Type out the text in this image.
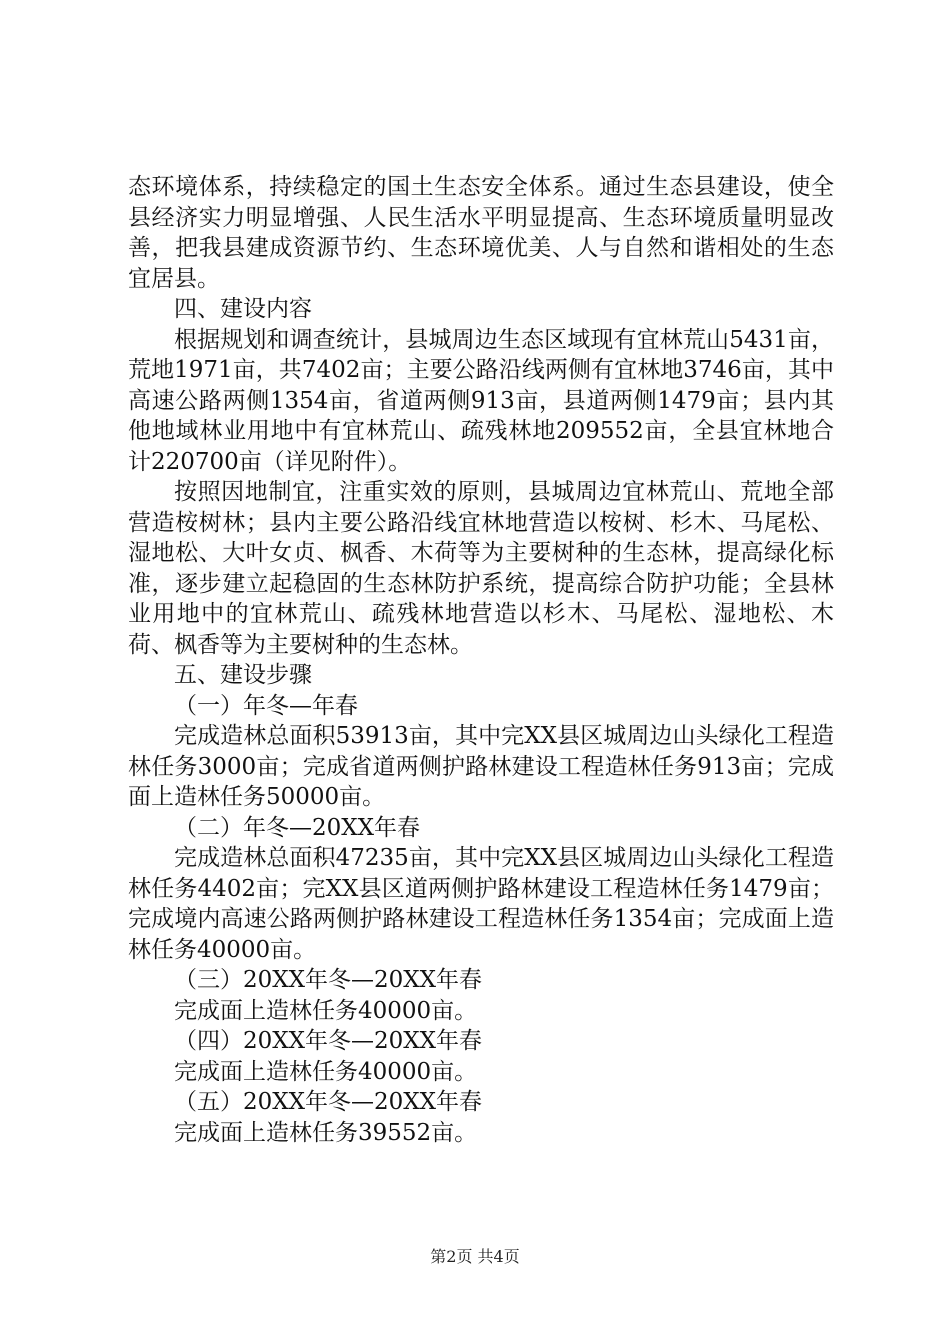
态环境体系，持续稳定的国土生态安全体系。通过生态县建设，使全县经济实力明显增强、人民生活水平明显提高、生态环境质量明显改善，把我县建成资源节约、生态环境优美、人与自然和谐相处的生态宜居县。

四、建设内容

根据规划和调查统计，县城周边生态区域现有宜林荒山5431亩，荒地1971亩，共7402亩；主要公路沿线两侧有宜林地3746亩，其中高速公路两侧1354亩，省道两侧913亩，县道两侧1479亩；县内其他地域林业用地中有宜林荒山、疏残林地209552亩，全县宜林地合计220700亩（详见附件）。

按照因地制宜，注重实效的原则，县城周边宜林荒山、荒地全部营造桉树林；县内主要公路沿线宜林地营造以桉树、杉木、马尾松、湿地松、大叶女贞、枫香、木荷等为主要树种的生态林，提高绿化标准，逐步建立起稳固的生态林防护系统，提高综合防护功能；全县林业用地中的宜林荒山、疏残林地营造以杉木、马尾松、湿地松、木荷、枫香等为主要树种的生态林。

五、建设步骤

（一）年冬—年春

完成造林总面积53913亩，其中完XX县区城周边山头绿化工程造林任务3000亩；完成省道两侧护路林建设工程造林任务913亩；完成面上造林任务50000亩。

（二）年冬—20XX年春

完成造林总面积47235亩，其中完XX县区城周边山头绿化工程造林任务4402亩；完XX县区道两侧护路林建设工程造林任务1479亩；完成境内高速公路两侧护路林建设工程造林任务1354亩；完成面上造林任务40000亩。

（三）20XX年冬—20XX年春

完成面上造林任务40000亩。

（四）20XX年冬—20XX年春

完成面上造林任务40000亩。

（五）20XX年冬—20XX年春

完成面上造林任务39552亩。

第2页 共4页
